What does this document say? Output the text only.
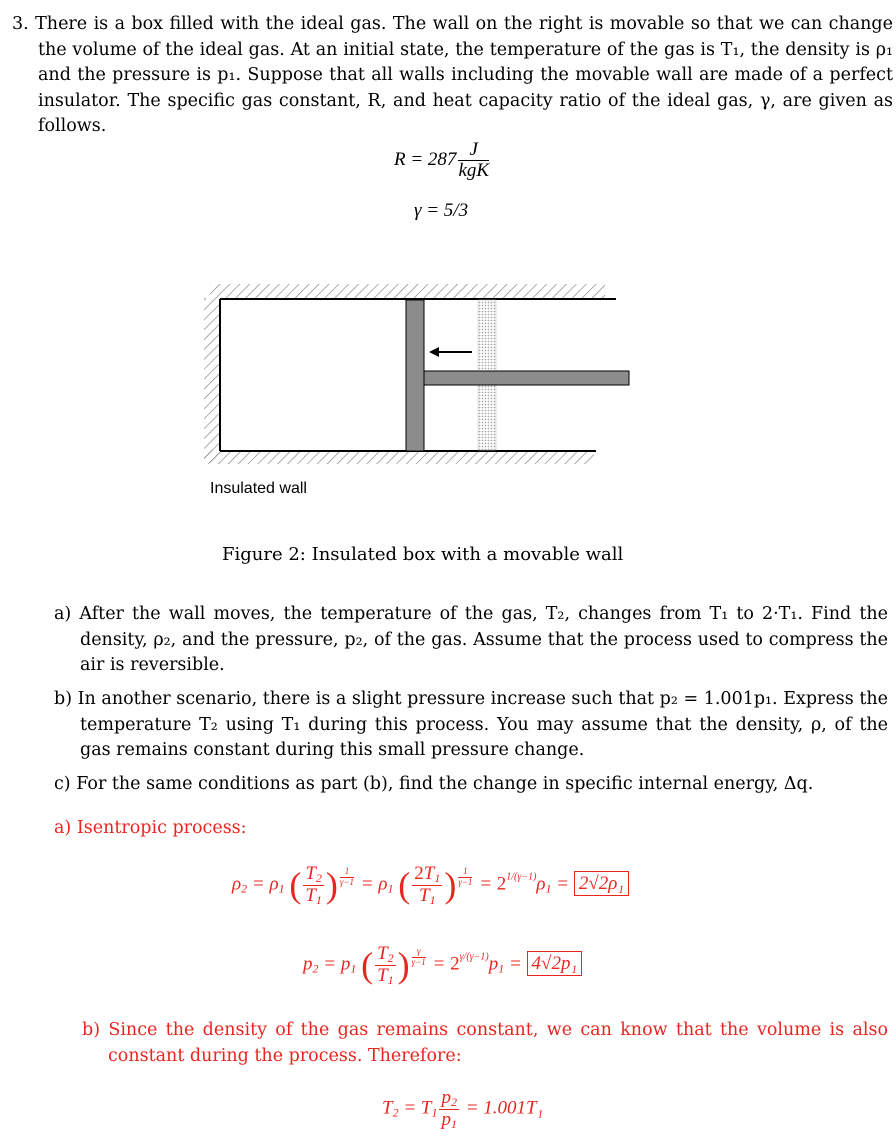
3. There is a box filled with the ideal gas. The wall on the right is movable so that we can change the volume of the ideal gas. At an initial state, the temperature of the gas is T₁, the density is ρ₁ and the pressure is p₁. Suppose that all walls including the movable wall are made of a perfect insulator. The specific gas constant, R, and heat capacity ratio of the ideal gas, γ, are given as follows.
$R = 287 \frac{J}{\text{kgK}}$
γ = 5/3
Insulated wall
Figure 2: Insulated box with a movable wall
a) After the wall moves, the temperature of the gas, T₂, changes from T₁ to 2·T₁. Find the density, ρ₂, and the pressure, p₂, of the gas. Assume that the process used to compress the air is reversible.
b) In another scenario, there is a slight pressure increase such that p₂ = 1.001p₁. Express the temperature T₂ using T₁ during this process. You may assume that the density, ρ, of the gas remains constant during this small pressure change.
c) For the same conditions as part (b), find the change in specific internal energy, Δq.
a) Isentropic process:
$\rho_2 = \rho_1$ ( $\frac{T_2}{T_1}$ ) $^{\frac{1}{\gamma-1}} = \rho_1$ ( $\frac{2T_1}{T_1}$ ) $^{\frac{1}{\gamma-1}} = 2^{1/(\gamma-1)}\rho_1 = 2√2\rho_1$
$p_2 = p_1$ ( $\frac{T_2}{T_1}$ ) $^{\frac{\gamma}{\gamma-1}} = 2^{\gamma/(\gamma-1)}p_1 = 4√2p_1$
b) Since the density of the gas remains constant, we can know that the volume is also constant during the process. Therefore:
$T_2 = T_1 \frac{p_2}{p_1} = 1.001T_1$
